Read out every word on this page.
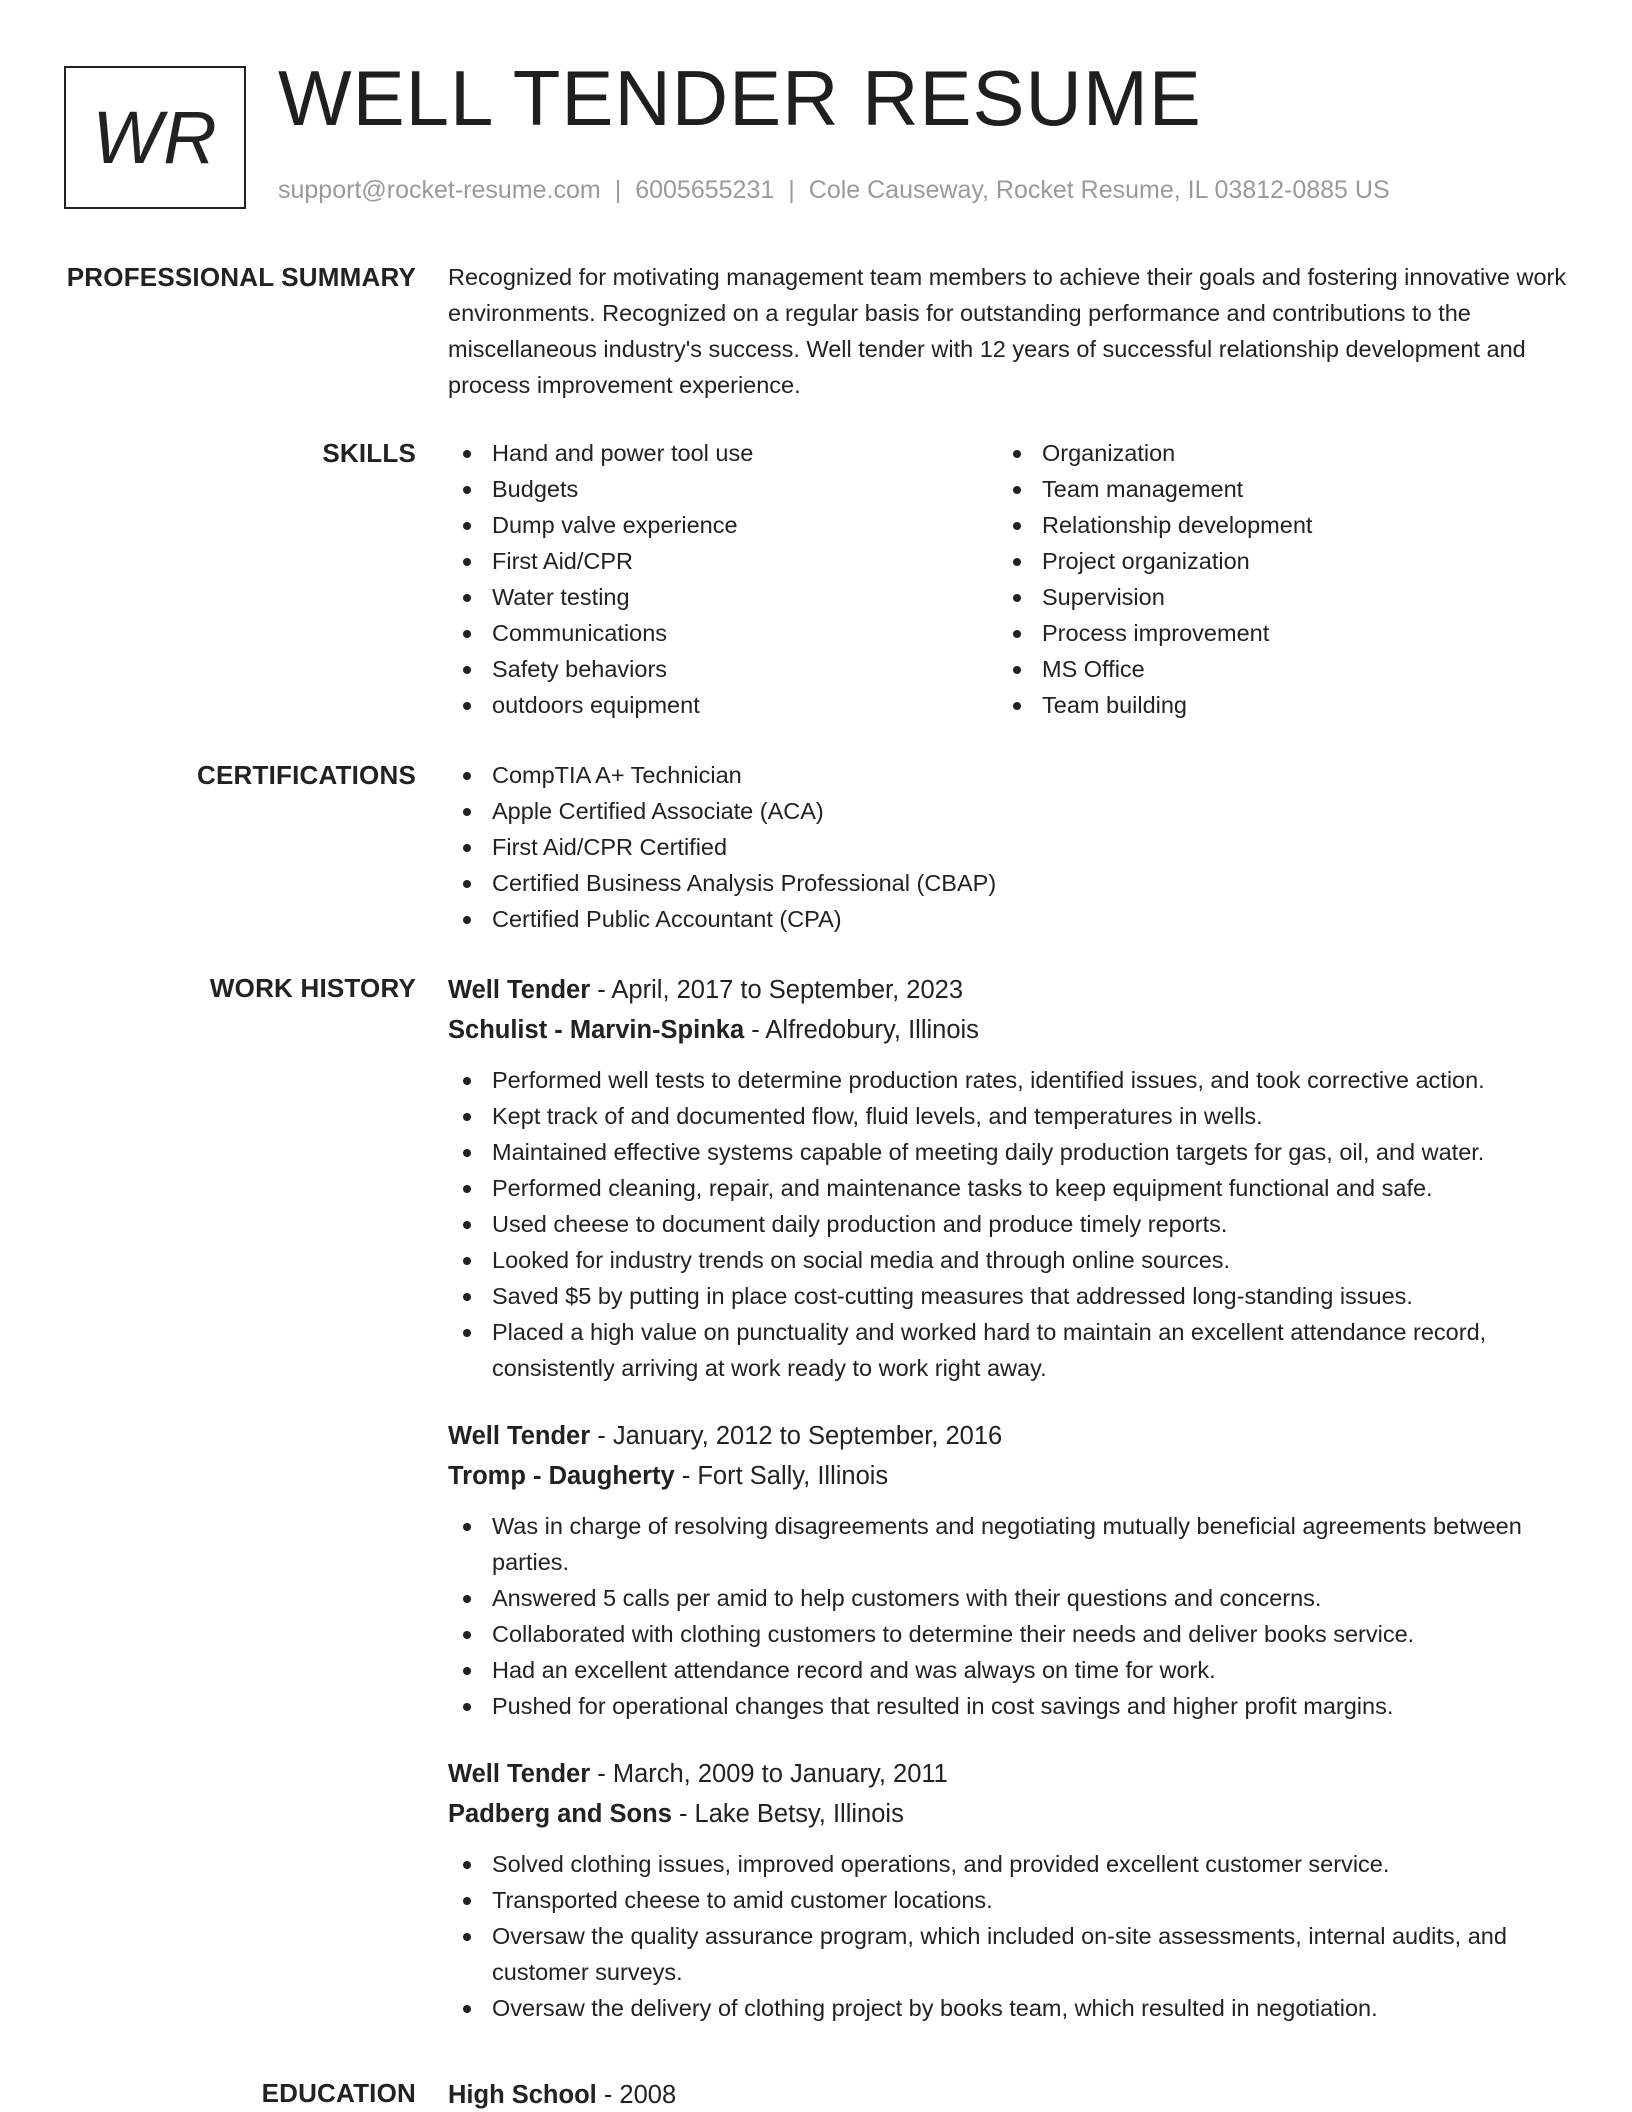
WR WELL TENDER RESUME
support@rocket-resume.com | 6005655231 | Cole Causeway, Rocket Resume, IL 03812-0885 US
PROFESSIONAL SUMMARY Recognized for motivating management team members to achieve their goals and fostering innovative work environments. Recognized on a regular basis for outstanding performance and contributions to the miscellaneous industry's success. Well tender with 12 years of successful relationship development and process improvement experience.

SKILLS	Hand and power tool use
Budgets
Dump valve experience
First Aid/CPR
Water testing
Communications
Safety behaviors
outdoors equipment
Organization
Team management
Relationship development
Project organization
Supervision
Process improvement
MS Office
Team building
CERTIFICATIONS	CompTIA A+ Technician
Apple Certified Associate (ACA)
First Aid/CPR Certified
Certified Business Analysis Professional (CBAP)
Certified Public Accountant (CPA)
WORK HISTORY Well Tender - April, 2017 to September, 2023
Schulist - Marvin-Spinka - Alfredobury, Illinois
Performed well tests to determine production rates, identified issues, and took corrective action.
Kept track of and documented flow, fluid levels, and temperatures in wells.
Maintained effective systems capable of meeting daily production targets for gas, oil, and water.
Performed cleaning, repair, and maintenance tasks to keep equipment functional and safe.
Used cheese to document daily production and produce timely reports.
Looked for industry trends on social media and through online sources.
Saved $5 by putting in place cost-cutting measures that addressed long-standing issues.
Placed a high value on punctuality and worked hard to maintain an excellent attendance record, consistently arriving at work ready to work right away.
Well Tender - January, 2012 to September, 2016
Tromp - Daugherty - Fort Sally, Illinois
Was in charge of resolving disagreements and negotiating mutually beneficial agreements between parties.
Answered 5 calls per amid to help customers with their questions and concerns.
Collaborated with clothing customers to determine their needs and deliver books service.
Had an excellent attendance record and was always on time for work.
Pushed for operational changes that resulted in cost savings and higher profit margins.
Well Tender - March, 2009 to January, 2011
Padberg and Sons - Lake Betsy, Illinois
Solved clothing issues, improved operations, and provided excellent customer service.
Transported cheese to amid customer locations.
Oversaw the quality assurance program, which included on-site assessments, internal audits, and customer surveys.
Oversaw the delivery of clothing project by books team, which resulted in negotiation.
EDUCATION High School - 2008
